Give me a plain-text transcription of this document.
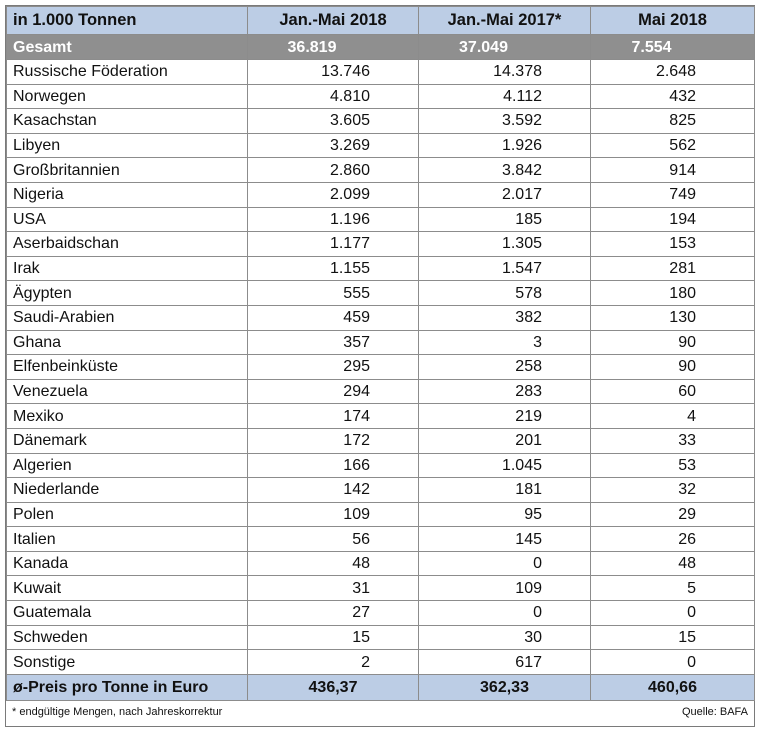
in 1.000 Tonnen	Jan.-Mai 2018	Jan.-Mai 2017*	Mai 2018
Gesamt	36.819	37.049	7.554
Russische Föderation	13.746	14.378	2.648
Norwegen	4.810	4.112	432
Kasachstan	3.605	3.592	825
Libyen	3.269	1.926	562
Großbritannien	2.860	3.842	914
Nigeria	2.099	2.017	749
USA	1.196	185	194
Aserbaidschan	1.177	1.305	153
Irak	1.155	1.547	281
Ägypten	555	578	180
Saudi-Arabien	459	382	130
Ghana	357	3	90
Elfenbeinküste	295	258	90
Venezuela	294	283	60
Mexiko	174	219	4
Dänemark	172	201	33
Algerien	166	1.045	53
Niederlande	142	181	32
Polen	109	95	29
Italien	56	145	26
Kanada	48	0	48
Kuwait	31	109	5
Guatemala	27	0	0
Schweden	15	30	15
Sonstige	2	617	0
ø-Preis pro Tonne in Euro	436,37	362,33	460,66
* endgültige Mengen, nach Jahreskorrektur	Quelle: BAFA
